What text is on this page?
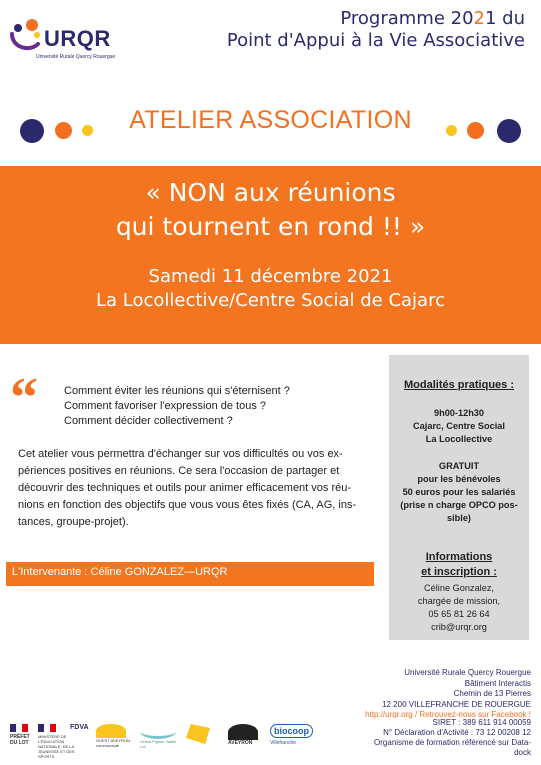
URQR
Université Rurale Quercy Rouergue
Programme 2021 du
Point d'Appui à la Vie Associative
ATELIER ASSOCIATION
« NON aux réunions
qui tournent en rond !! »
Samedi 11 décembre 2021
La Locollective/Centre Social de Cajarc
“ Comment éviter les réunions qui s'éternisent ?
Comment favoriser l'expression de tous ?
Comment décider collectivement ?
Cet atelier vous permettra d'échanger sur vos difficultés ou vos ex-
périences positives en réunions. Ce sera l'occasion de partager et
découvrir des techniques et outils pour animer efficacement vos réu-
nions en fonction des objectifs que vous vous êtes fixés (CA, AG, ins-
tances, groupe-projet).
L'Intervenante : Céline GONZALEZ—URQR
Modalités pratiques :
9h00-12h30
Cajarc, Centre Social
La Locollective
GRATUIT
pour les bénévoles
50 euros pour les salariés
(prise n charge OPCO pos-
sible)
Informations
et inscription :
Céline Gonzalez,
chargée de mission,
05 65 81 26 64
crib@urqr.org
Université Rurale Quercy Rouergue
Bâtiment Interactis
Chemin de 13 Pierres
12 200 VILLEFRANCHE DE ROUERGUE
http://urqr.org / Retrouvez-nous sur Facebook !
SIRET : 389 611 914 00059
N° Déclaration d'Activité : 73 12 00208 12
Organisme de formation référencé sur Data-
dock
PRÉFET DU LOT
MINISTÈRE DE L'ÉDUCATION NATIONALE, DE LA JEUNESSE ET DES SPORTS
FDVA
OUEST AVEYRON communauté
Grand Figeac Vallée Lot
AVEYRON
biocoop
Villefranche
